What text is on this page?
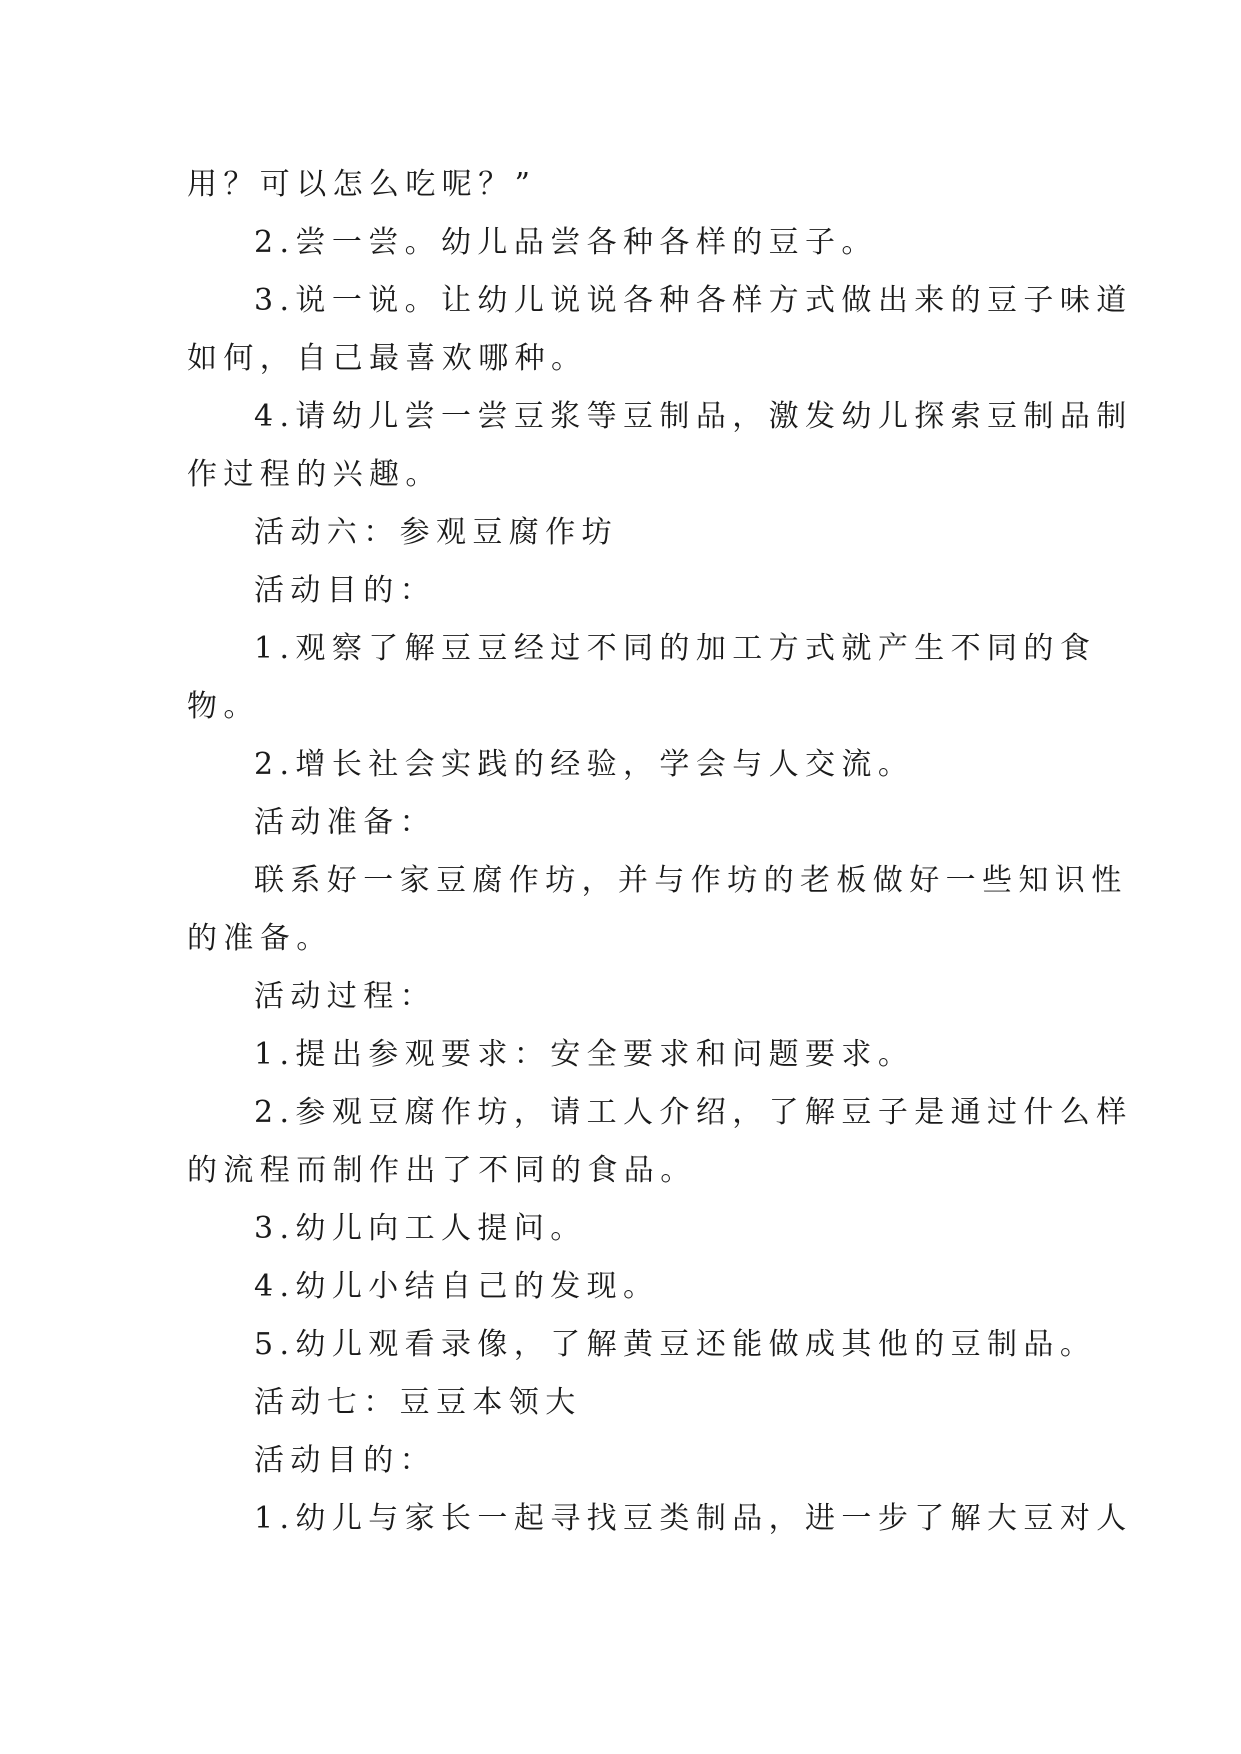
用？可以怎么吃呢？”
2.尝一尝。幼儿品尝各种各样的豆子。
3.说一说。让幼儿说说各种各样方式做出来的豆子味道
如何，自己最喜欢哪种。
4.请幼儿尝一尝豆浆等豆制品，激发幼儿探索豆制品制
作过程的兴趣。
活动六：参观豆腐作坊
活动目的：
1.观察了解豆豆经过不同的加工方式就产生不同的食
物。
2.增长社会实践的经验，学会与人交流。
活动准备：
联系好一家豆腐作坊，并与作坊的老板做好一些知识性
的准备。
活动过程：
1.提出参观要求：安全要求和问题要求。
2.参观豆腐作坊，请工人介绍，了解豆子是通过什么样
的流程而制作出了不同的食品。
3.幼儿向工人提问。
4.幼儿小结自己的发现。
5.幼儿观看录像，了解黄豆还能做成其他的豆制品。
活动七：豆豆本领大
活动目的：
1.幼儿与家长一起寻找豆类制品，进一步了解大豆对人
